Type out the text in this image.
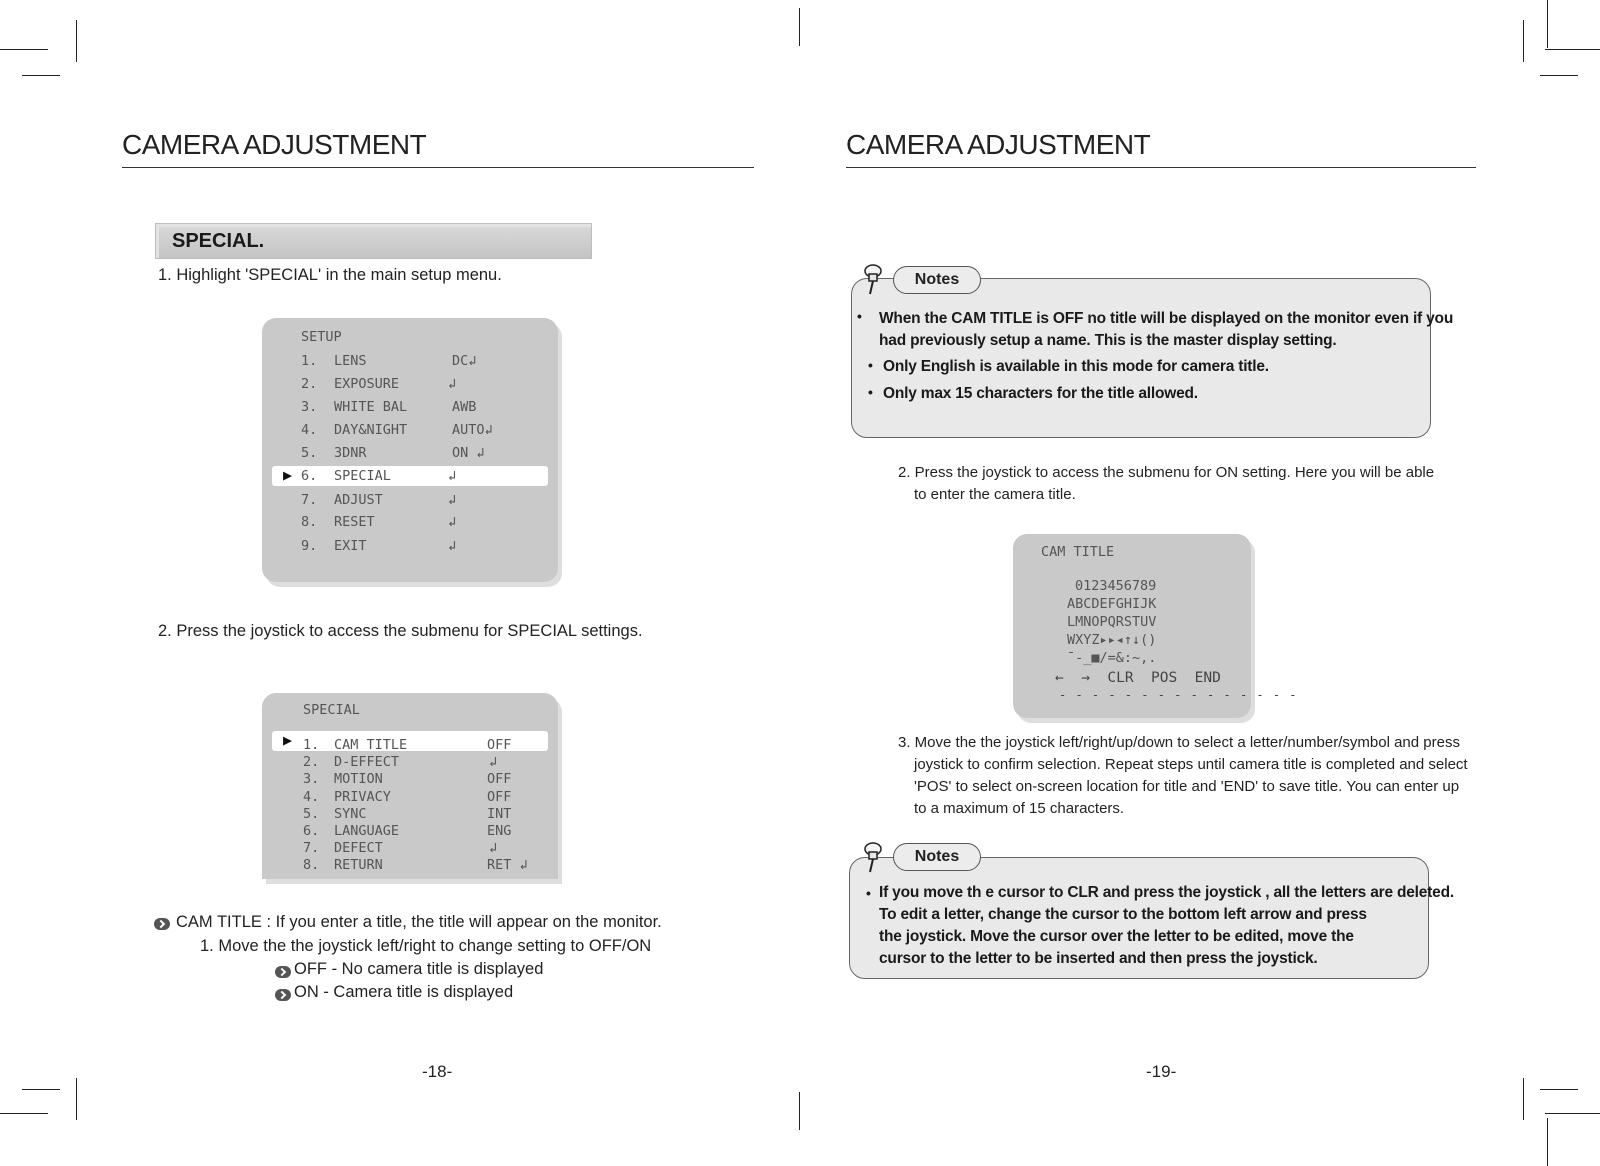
CAMERA ADJUSTMENT
SPECIAL.
1. Highlight 'SPECIAL' in the main setup menu.
SETUP
▶
1. LENS	DC↲
2. EXPOSURE	↲
3. WHITE BAL	AWB
4. DAY&NIGHT	AUTO↲
5. 3DNR	ON ↲
6. SPECIAL	↲
7. ADJUST	↲
8. RESET	↲
9. EXIT	↲
2. Press the joystick to access the submenu for SPECIAL settings.
SPECIAL
▶ 1. CAM TITLE	OFF
2. D-EFFECT	↲
3. MOTION	OFF
4. PRIVACY	OFF
5. SYNC	INT
6. LANGUAGE	ENG
7. DEFECT	↲
8. RETURN	RET ↲
CAM TITLE : If you enter a title, the title will appear on the monitor.
1. Move the the joystick left/right to change setting to OFF/ON
OFF - No camera title is displayed
ON - Camera title is displayed
-18-
CAMERA ADJUSTMENT
Notes
• When the CAM TITLE is OFF no title will be displayed on the monitor even if you
had previously setup a name. This is the master display setting.
• Only English is available in this mode for camera title.
• Only max 15 characters for the title allowed.
2. Press the joystick to access the submenu for ON setting. Here you will be able
to enter the camera title.
CAM TITLE
0123456789
ABCDEFGHIJK
LMNOPQRSTUV
WXYZ▸▸◂↑↓()
¯-_■/=&:~,.
←  →  CLR  POS  END
- - - - - - - - - - - - - - -
3. Move the the joystick left/right/up/down to select a letter/number/symbol and press
joystick to confirm selection. Repeat steps until camera title is completed and select
'POS' to select on-screen location for title and 'END' to save title. You can enter up
to a maximum of 15 characters.
Notes
• If you move th e cursor to CLR and press the joystick , all the letters are deleted.
To edit a letter, change the cursor to the bottom left arrow and press
the joystick. Move the cursor over the letter to be edited, move the
cursor to the letter to be inserted and then press the joystick.
-19-
